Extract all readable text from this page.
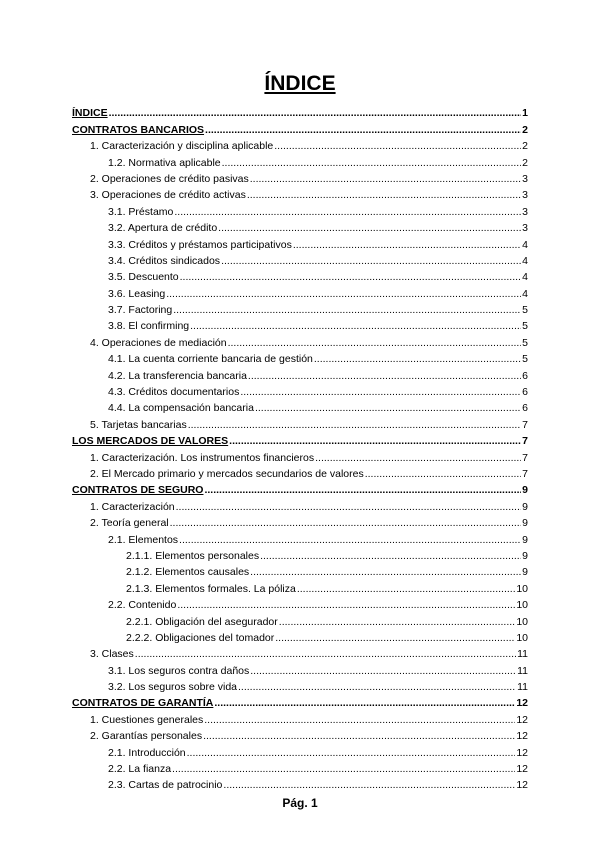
ÍNDICE
ÍNDICE .....	1
CONTRATOS BANCARIOS .....	2
1. Caracterización y disciplina aplicable .....	2
1.2. Normativa aplicable .....	2
2. Operaciones de crédito pasivas .....	3
3. Operaciones de crédito activas .....	3
3.1. Préstamo .....	3
3.2. Apertura de crédito .....	3
3.3. Créditos y préstamos participativos .....	4
3.4. Créditos sindicados .....	4
3.5. Descuento .....	4
3.6. Leasing .....	4
3.7. Factoring .....	5
3.8. El confirming .....	5
4. Operaciones de mediación .....	5
4.1. La cuenta corriente bancaria de gestión .....	5
4.2. La transferencia bancaria .....	6
4.3. Créditos documentarios .....	6
4.4. La compensación bancaria .....	6
5. Tarjetas bancarias .....	7
LOS MERCADOS DE VALORES .....	7
1. Caracterización. Los instrumentos financieros .....	7
2. El Mercado primario y mercados secundarios de valores .....	7
CONTRATOS DE SEGURO .....	9
1. Caracterización .....	9
2. Teoría general .....	9
2.1. Elementos .....	9
2.1.1. Elementos personales .....	9
2.1.2. Elementos causales .....	9
2.1.3. Elementos formales. La póliza .....	10
2.2. Contenido .....	10
2.2.1. Obligación del asegurador .....	10
2.2.2. Obligaciones del tomador .....	10
3. Clases .....	11
3.1. Los seguros contra daños .....	11
3.2. Los seguros sobre vida .....	11
CONTRATOS DE GARANTÍA .....	12
1. Cuestiones generales .....	12
2. Garantías personales .....	12
2.1. Introducción .....	12
2.2. La fianza .....	12
2.3. Cartas de patrocinio .....	12
Pág. 1
